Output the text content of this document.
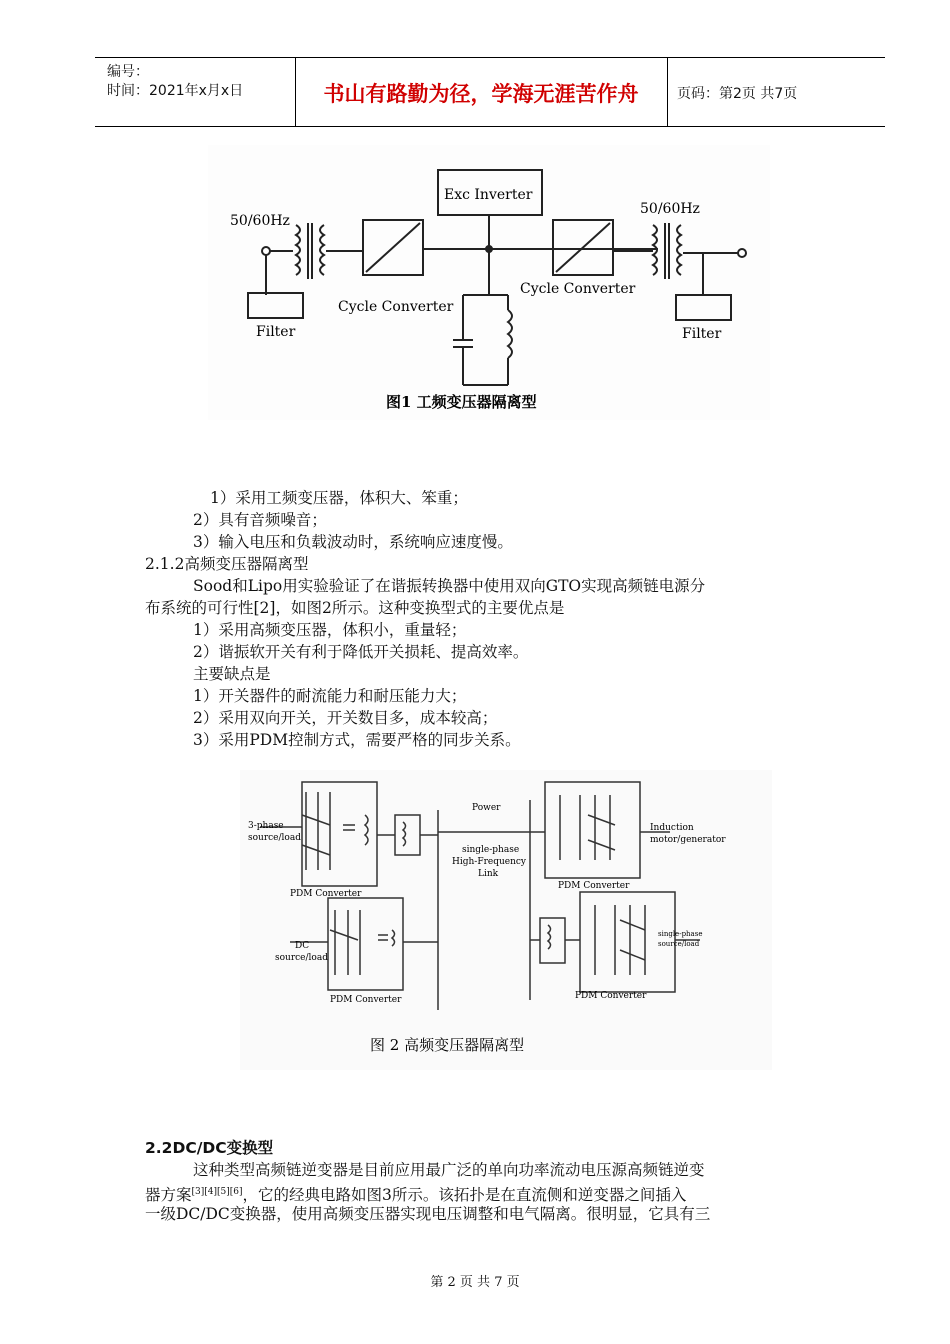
编号：
时间：2021年x月x日	书山有路勤为径，学海无涯苦作舟	页码：第2页 共7页
50/60Hz
50/60Hz
Exc Inverter
Cycle Converter
Cycle Converter
Filter	Filter
图1 工频变压器隔离型
1）采用工频变压器，体积大、笨重；
2）具有音频噪音；
3）输入电压和负载波动时，系统响应速度慢。
2.1.2高频变压器隔离型
Sood和Lipo用实验验证了在谐振转换器中使用双向GTO实现高频链电源分
布系统的可行性[2]，如图2所示。这种变换型式的主要优点是
1）采用高频变压器，体积小，重量轻；
2）谐振软开关有利于降低开关损耗、提高效率。
主要缺点是
1）开关器件的耐流能力和耐压能力大；
2）采用双向开关，开关数目多，成本较高；
3）采用PDM控制方式，需要严格的同步关系。
3-phase
source/load
DC
source/load
Power
single-phase
High-Frequency
Link
Induction
motor/generator
single-phase
source/load
PDM Converter
PDM Converter
PDM Converter	PDM Converter
图 2 高频变压器隔离型
2.2DC/DC变换型
这种类型高频链逆变器是目前应用最广泛的单向功率流动电压源高频链逆变
器方案[3][4][5][6]，它的经典电路如图3所示。该拓扑是在直流侧和逆变器之间插入
一级DC/DC变换器，使用高频变压器实现电压调整和电气隔离。很明显，它具有三
第 2 页 共 7 页
